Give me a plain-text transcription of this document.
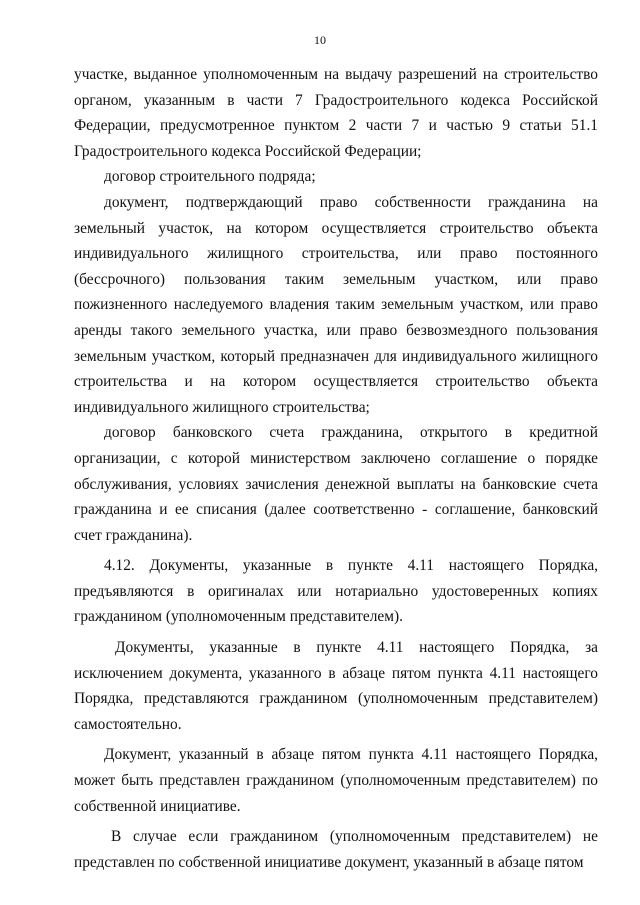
10

участке, выданное уполномоченным на выдачу разрешений на строительство органом, указанным в части 7 Градостроительного кодекса Российской Федерации, предусмотренное пунктом 2 части 7 и частью 9 статьи 51.1 Градостроительного кодекса Российской Федерации;

договор строительного подряда;

документ, подтверждающий право собственности гражданина на земельный участок, на котором осуществляется строительство объекта индивидуального жилищного строительства, или право постоянного (бессрочного) пользования таким земельным участком, или право пожизненного наследуемого владения таким земельным участком, или право аренды такого земельного участка, или право безвозмездного пользования земельным участком, который предназначен для индивидуального жилищного строительства и на котором осуществляется строительство объекта индивидуального жилищного строительства;

договор банковского счета гражданина, открытого в кредитной организации, с которой министерством заключено соглашение о порядке обслуживания, условиях зачисления денежной выплаты на банковские счета гражданина и ее списания (далее соответственно - соглашение, банковский счет гражданина).

4.12. Документы, указанные в пункте 4.11 настоящего Порядка, предъявляются в оригиналах или нотариально удостоверенных копиях гражданином (уполномоченным представителем).

Документы, указанные в пункте 4.11 настоящего Порядка, за исключением документа, указанного в абзаце пятом пункта 4.11 настоящего Порядка, представляются гражданином (уполномоченным представителем) самостоятельно.

Документ, указанный в абзаце пятом пункта 4.11 настоящего Порядка, может быть представлен гражданином (уполномоченным представителем) по собственной инициативе.

В случае если гражданином (уполномоченным представителем) не представлен по собственной инициативе документ, указанный в абзаце пятом
